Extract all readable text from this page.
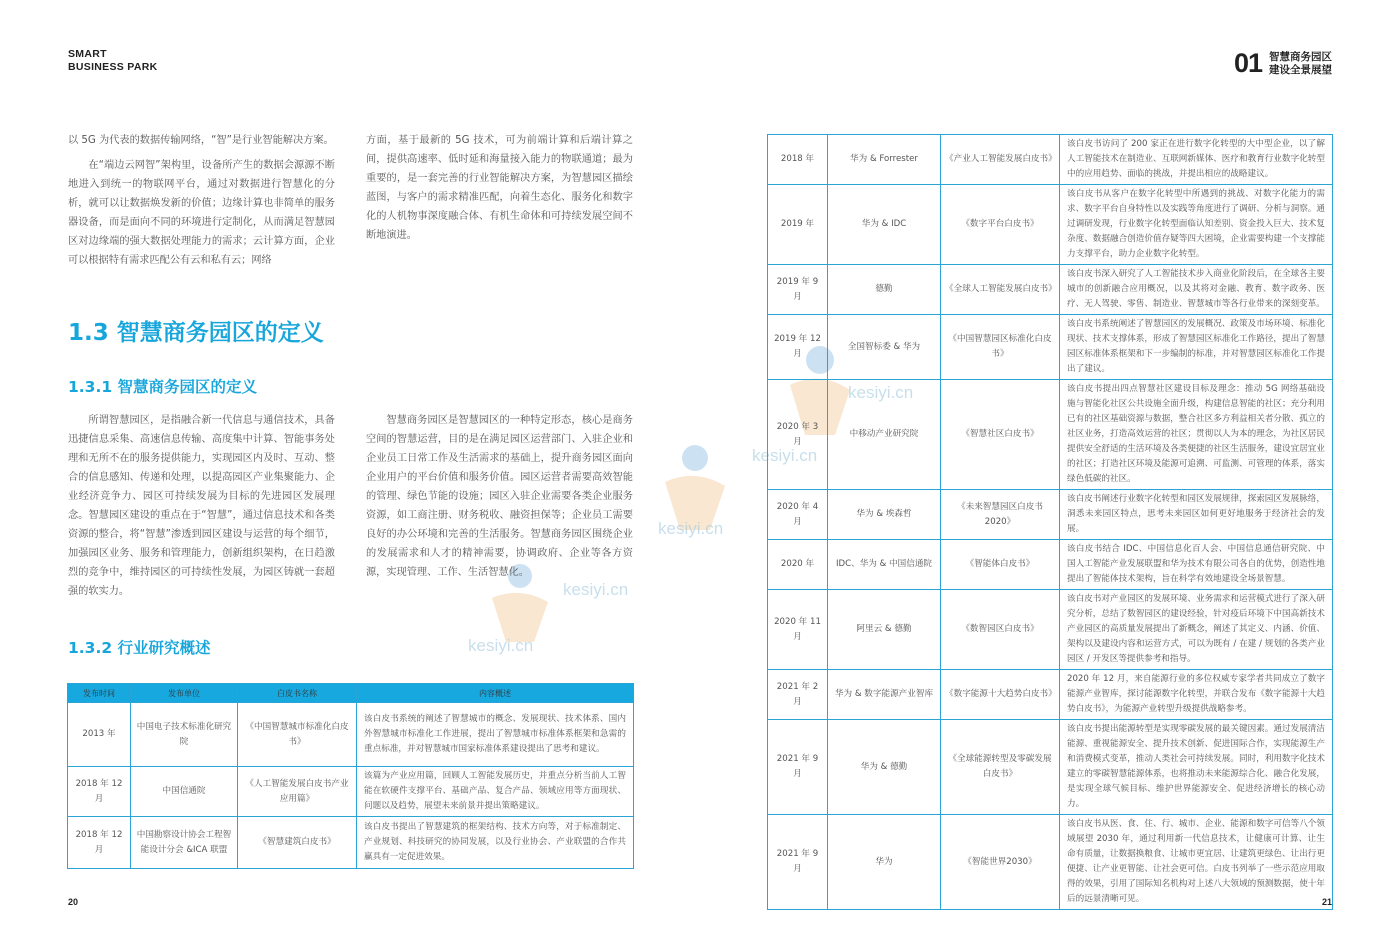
SMART
BUSINESS PARK	01 智慧商务园区
建设全景展望
kesiyi.cn
kesiyi.cn
kesiyi.cn
kesiyi.cn
kesiyi.cn

以 5G 为代表的数据传输网络，“智”是行业智能解决方案。

在“端边云网智”架构里，设备所产生的数据会源源不断地进入到统一的物联网平台，通过对数据进行智慧化的分析，就可以让数据焕发新的价值；边缘计算也非简单的服务器设备，而是面向不同的环境进行定制化，从而满足智慧园区对边缘端的强大数据处理能力的需求；云计算方面，企业可以根据特有需求匹配公有云和私有云；网络

方面，基于最新的 5G 技术，可为前端计算和后端计算之间，提供高速率、低时延和海量接入能力的物联通道；最为重要的，是一套完善的行业智能解决方案，为智慧园区描绘蓝图，与客户的需求精准匹配，向着生态化、服务化和数字化的人机物事深度融合体、有机生命体和可持续发展空间不断地演进。

1.3 智慧商务园区的定义
1.3.1 智慧商务园区的定义

所谓智慧园区，是指融合新一代信息与通信技术，具备迅捷信息采集、高速信息传输、高度集中计算、智能事务处理和无所不在的服务提供能力，实现园区内及时、互动、整合的信息感知、传递和处理，以提高园区产业集聚能力、企业经济竞争力、园区可持续发展为目标的先进园区发展理念。智慧园区建设的重点在于“智慧”，通过信息技术和各类资源的整合，将“智慧”渗透到园区建设与运营的每个细节，加强园区业务、服务和管理能力，创新组织架构，在日趋激烈的竞争中，维持园区的可持续性发展，为园区铸就一套超强的软实力。

智慧商务园区是智慧园区的一种特定形态，核心是商务空间的智慧运营，目的是在满足园区运营部门、入驻企业和企业员工日常工作及生活需求的基础上，提升商务园区面向企业用户的平台价值和服务价值。园区运营者需要高效智能的管理、绿色节能的设施；园区入驻企业需要各类企业服务资源，如工商注册、财务税收、融资担保等；企业员工需要良好的办公环境和完善的生活服务。智慧商务园区围绕企业的发展需求和人才的精神需要，协调政府、企业等各方资源，实现管理、工作、生活智慧化。

1.3.2 行业研究概述
发布时间	发布单位	白皮书名称	内容概述
2013 年	中国电子技术标准化研究院	《中国智慧城市标准化白皮书》	该白皮书系统的阐述了智慧城市的概念、发展现状、技术体系、国内外智慧城市标准化工作进展，提出了智慧城市标准体系框架和急需的重点标准，并对智慧城市国家标准体系建设提出了思考和建议。
2018 年 12 月	中国信通院	《人工智能发展白皮书产业应用篇》	该篇为产业应用篇，回顾人工智能发展历史，并重点分析当前人工智能在软硬件支撑平台、基础产品、复合产品、领域应用等方面现状、问题以及趋势，展望未来前景并提出策略建议。
2018 年 12 月	中国勘察设计协会工程智能设计分会 &ICA 联盟	《智慧建筑白皮书》	该白皮书提出了智慧建筑的框架结构、技术方向等，对于标准制定、产业规划、科技研究的协同发展，以及行业协会、产业联盟的合作共赢具有一定促进效果。
20
2018 年	华为 & Forrester	《产业人工智能发展白皮书》	该白皮书访问了 200 家正在进行数字化转型的大中型企业，以了解人工智能技术在制造业、互联网新媒体、医疗和教育行业数字化转型中的应用趋势、面临的挑战，并提出相应的战略建议。
2019 年	华为 & IDC	《数字平台白皮书》	该白皮书从客户在数字化转型中所遇到的挑战、对数字化能力的需求、数字平台自身特性以及实践等角度进行了调研、分析与洞察。通过调研发现，行业数字化转型面临认知差别、资金投入巨大、技术复杂度、数据融合创造价值存疑等四大困境，企业需要构建一个支撑能力支撑平台，助力企业数字化转型。
2019 年 9 月	德勤	《全球人工智能发展白皮书》	该白皮书深入研究了人工智能技术步入商业化阶段后，在全球各主要城市的创新融合应用概况，以及其将对金融、教育、数字政务、医疗、无人驾驶、零售、制造业、智慧城市等各行业带来的深刻变革。
2019 年 12 月	全国智标委 & 华为	《中国智慧园区标准化白皮书》	该白皮书系统阐述了智慧园区的发展概况、政策及市场环境、标准化现状、技术支撑体系，形成了智慧园区标准化工作路径，提出了智慧园区标准体系框架和下一步编制的标准，并对智慧园区标准化工作提出了建议。
2020 年 3 月	中移动产业研究院	《智慧社区白皮书》	该白皮书提出四点智慧社区建设目标及理念：推动 5G 网络基础设施与智能化社区公共设施全面升级，构建信息智能的社区；充分利用已有的社区基础资源与数据，整合社区多方利益相关者分散、孤立的社区业务，打造高效运营的社区；贯彻以人为本的理念，为社区居民提供安全舒适的生活环境及各类便捷的社区生活服务，建设宜居宜业的社区；打造社区环境及能源可追溯、可监测、可管理的体系，落实绿色低碳的社区。
2020 年 4 月	华为 & 埃森哲	《未来智慧园区白皮书2020》	该白皮书阐述行业数字化转型和园区发展规律，探索园区发展脉络，洞悉未来园区特点，思考未来园区如何更好地服务于经济社会的发展。
2020 年	IDC、华为 & 中国信通院	《智能体白皮书》	该白皮书结合 IDC、中国信息化百人会、中国信息通信研究院、中国人工智能产业发展联盟和华为技术有限公司各自的优势，创造性地提出了智能体技术架构，旨在科学有效地建设全场景智慧。
2020 年 11 月	阿里云 & 德勤	《数智园区白皮书》	该白皮书对产业园区的发展环境、业务需求和运营模式进行了深入研究分析，总结了数智园区的建设经验，针对疫后环境下中国高新技术产业园区的高质量发展提出了新概念，阐述了其定义、内涵、价值、架构以及建设内容和运营方式，可以为既有 / 在建 / 规划的各类产业园区 / 开发区等提供参考和指导。
2021 年 2 月	华为 & 数字能源产业智库	《数字能源十大趋势白皮书》	2020 年 12 月，来自能源行业的多位权威专家学者共同成立了数字能源产业智库，探讨能源数字化转型，并联合发布《数字能源十大趋势白皮书》，为能源产业转型升级提供战略参考。
2021 年 9 月	华为 & 德勤	《全球能源转型及零碳发展白皮书》	该白皮书提出能源转型是实现零碳发展的最关键因素。通过发展清洁能源、重视能源安全、提升技术创新、促进国际合作，实现能源生产和消费模式变革，推动人类社会可持续发展。同时，利用数字化技术建立的零碳智慧能源体系，也将推动未来能源综合化、融合化发展，是实现全球气候目标、维护世界能源安全、促进经济增长的核心动力。
2021 年 9 月	华为	《智能世界2030》	该白皮书从医、食、住、行、城市、企业、能源和数字可信等八个领域展望 2030 年，通过利用新一代信息技术，让健康可计算、让生命有质量，让数据换粮食、让城市更宜居、让建筑更绿色、让出行更便捷、让产业更智能、让社会更可信。白皮书列举了一些示范应用取得的效果，引用了国际知名机构对上述八大领域的预测数据，使十年后的远景清晰可见。	21
